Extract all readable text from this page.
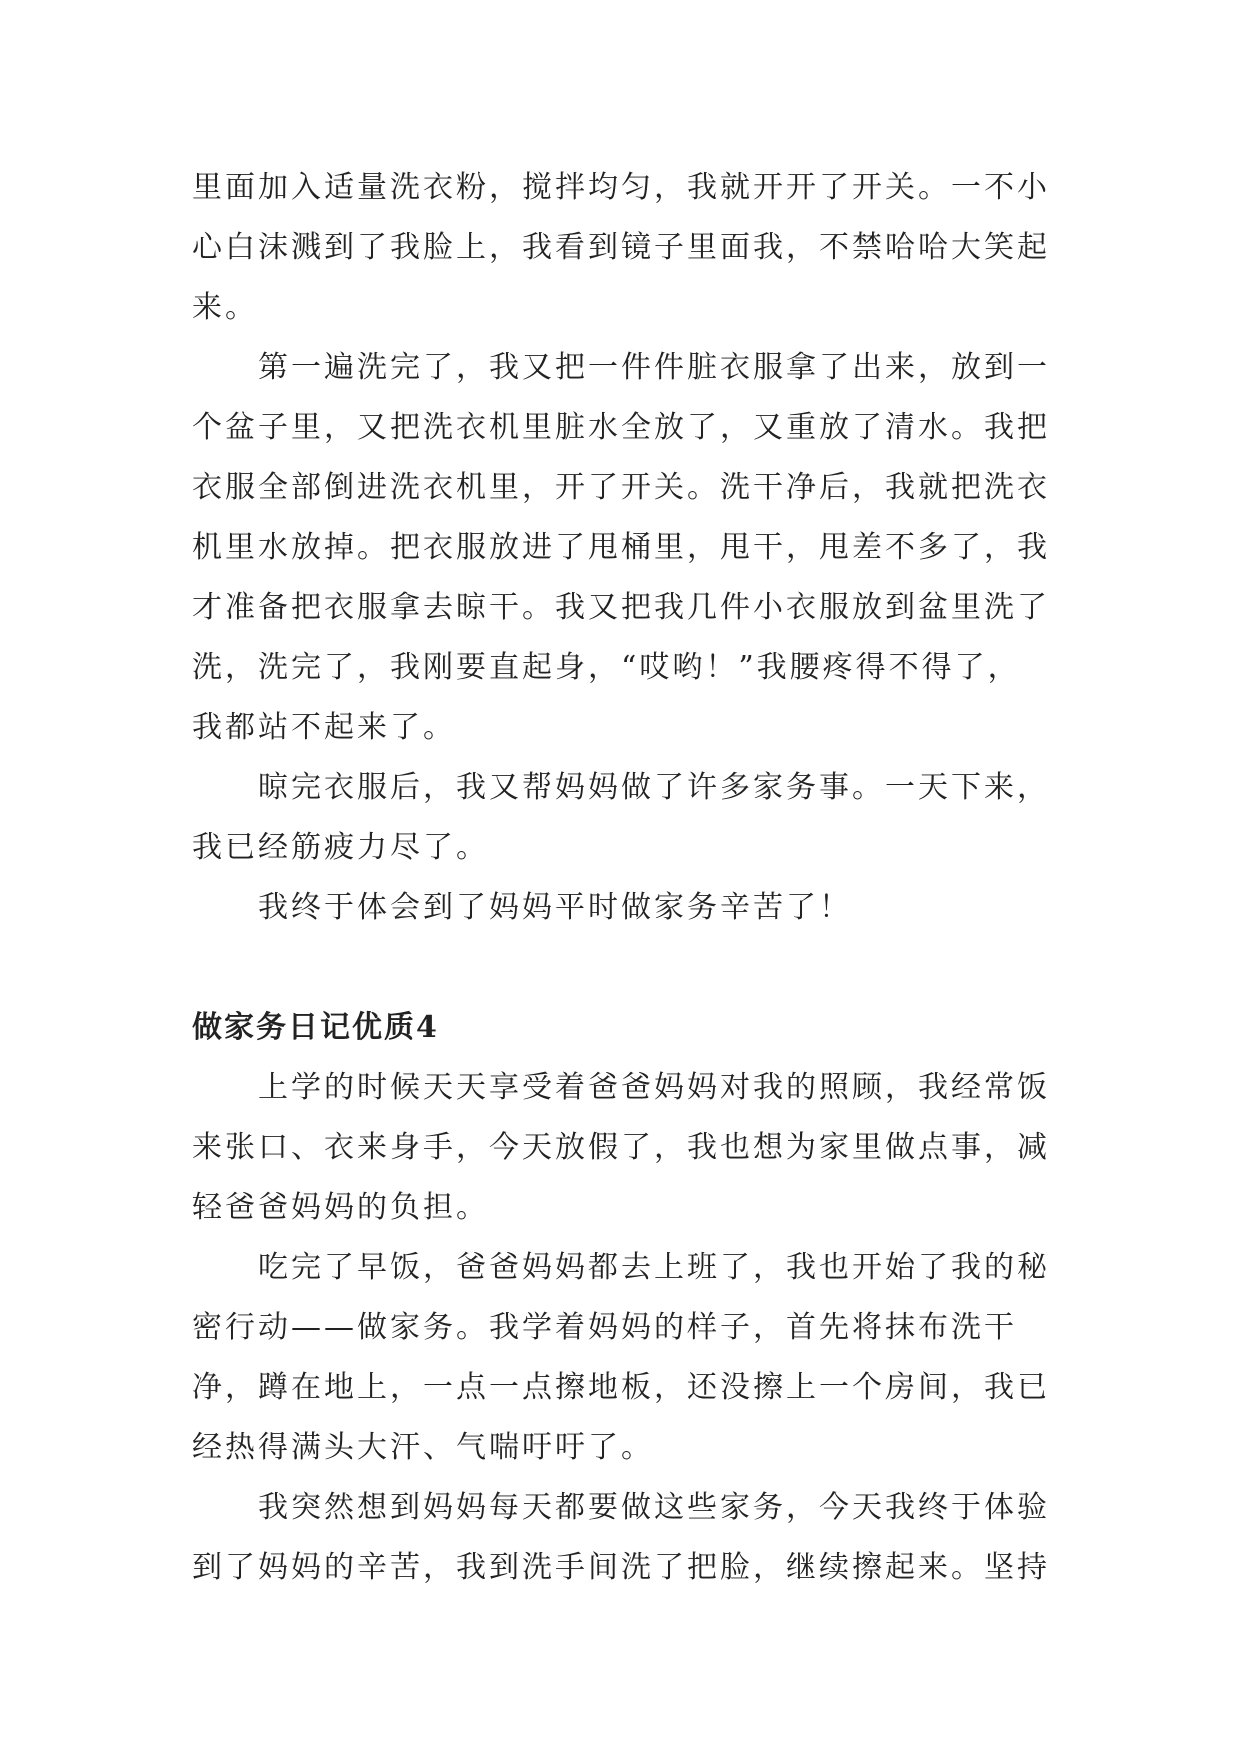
里面加入适量洗衣粉，搅拌均匀，我就开开了开关。一不小心白沫溅到了我脸上，我看到镜子里面我，不禁哈哈大笑起来。

第一遍洗完了，我又把一件件脏衣服拿了出来，放到一个盆子里，又把洗衣机里脏水全放了，又重放了清水。我把衣服全部倒进洗衣机里，开了开关。洗干净后，我就把洗衣机里水放掉。把衣服放进了甩桶里，甩干，甩差不多了，我才准备把衣服拿去晾干。我又把我几件小衣服放到盆里洗了洗，洗完了，我刚要直起身，“哎哟！”我腰疼得不得了，我都站不起来了。

晾完衣服后，我又帮妈妈做了许多家务事。一天下来，我已经筋疲力尽了。

我终于体会到了妈妈平时做家务辛苦了！

做家务日记优质4

上学的时候天天享受着爸爸妈妈对我的照顾，我经常饭来张口、衣来身手，今天放假了，我也想为家里做点事，减轻爸爸妈妈的负担。

吃完了早饭，爸爸妈妈都去上班了，我也开始了我的秘密行动——做家务。我学着妈妈的样子，首先将抹布洗干净，蹲在地上，一点一点擦地板，还没擦上一个房间，我已经热得满头大汗、气喘吁吁了。

我突然想到妈妈每天都要做这些家务，今天我终于体验到了妈妈的辛苦，我到洗手间洗了把脸，继续擦起来。坚持
